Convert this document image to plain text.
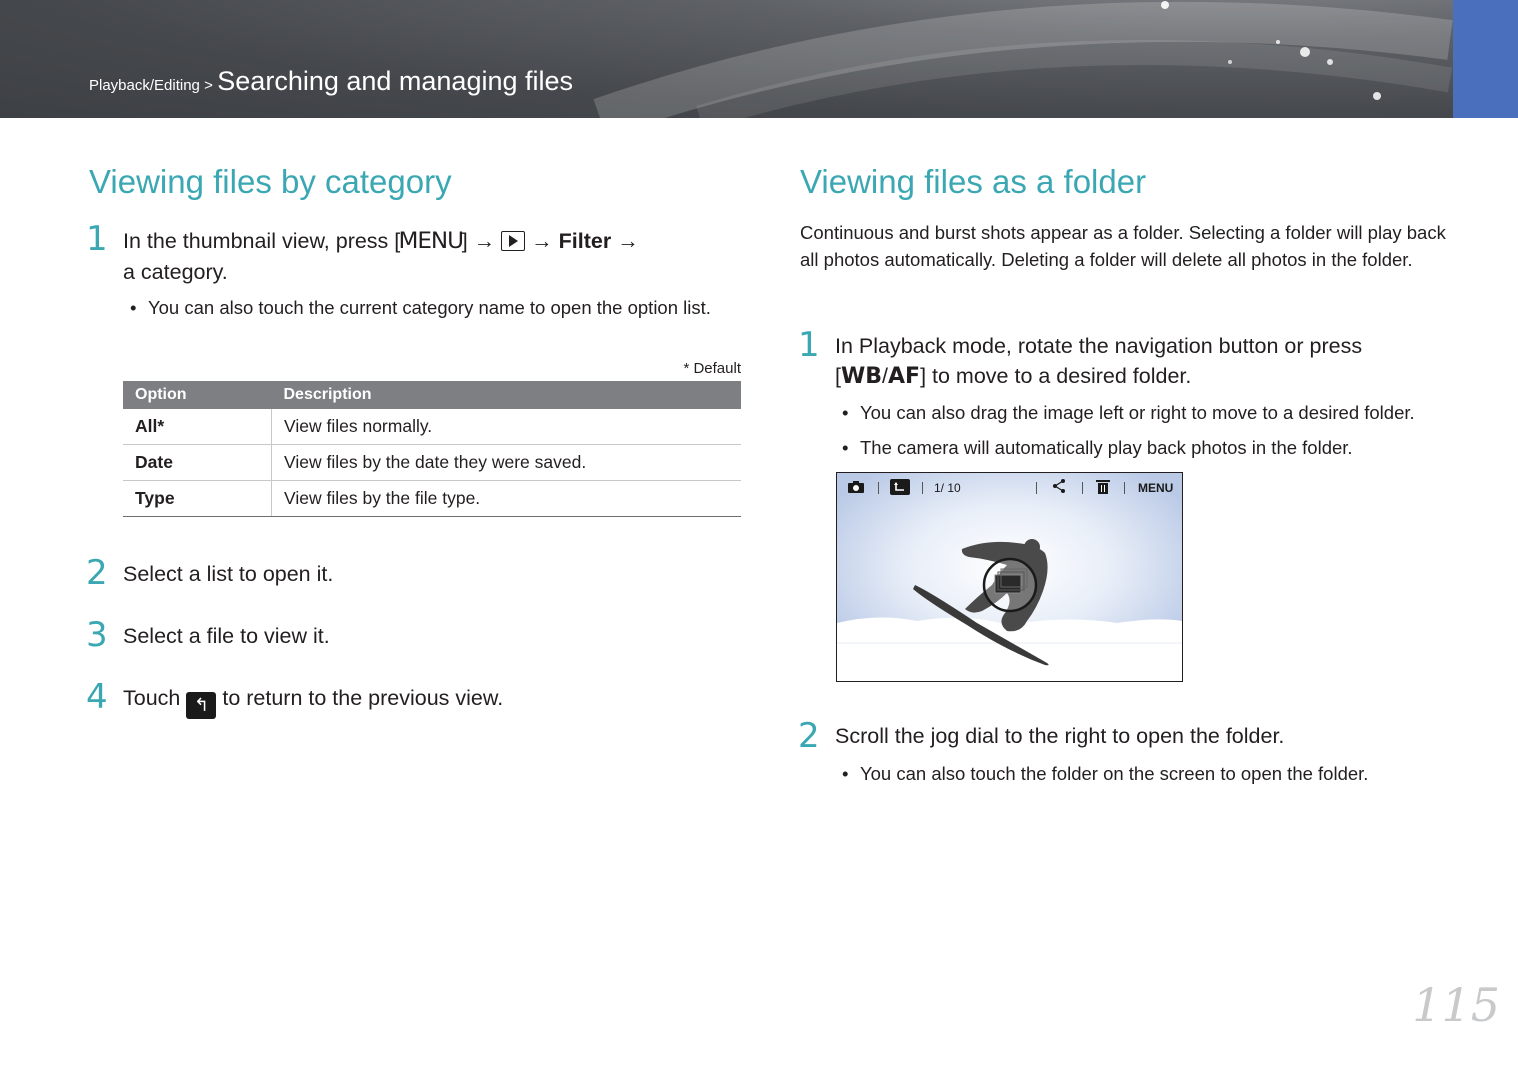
Playback/Editing > Searching and managing files
Viewing files by category
1 In the thumbnail view, press [MENU] → → Filter →
a category.
• You can also touch the current category name to open the option list.
* Default
Option	Description
All*	View files normally.
Date	View files by the date they were saved.
Type	View files by the file type.
2 Select a list to open it.
3 Select a file to view it.
4 Touch ↰ to return to the previous view.
Viewing files as a folder
Continuous and burst shots appear as a folder. Selecting a folder will play back all photos automatically. Deleting a folder will delete all photos in the folder.
1 In Playback mode, rotate the navigation button or press
[WB/AF] to move to a desired folder.
• You can also drag the image left or right to move to a desired folder.
• The camera will automatically play back photos in the folder.
1/ 10	MENU
2 Scroll the jog dial to the right to open the folder.
• You can also touch the folder on the screen to open the folder.
115
